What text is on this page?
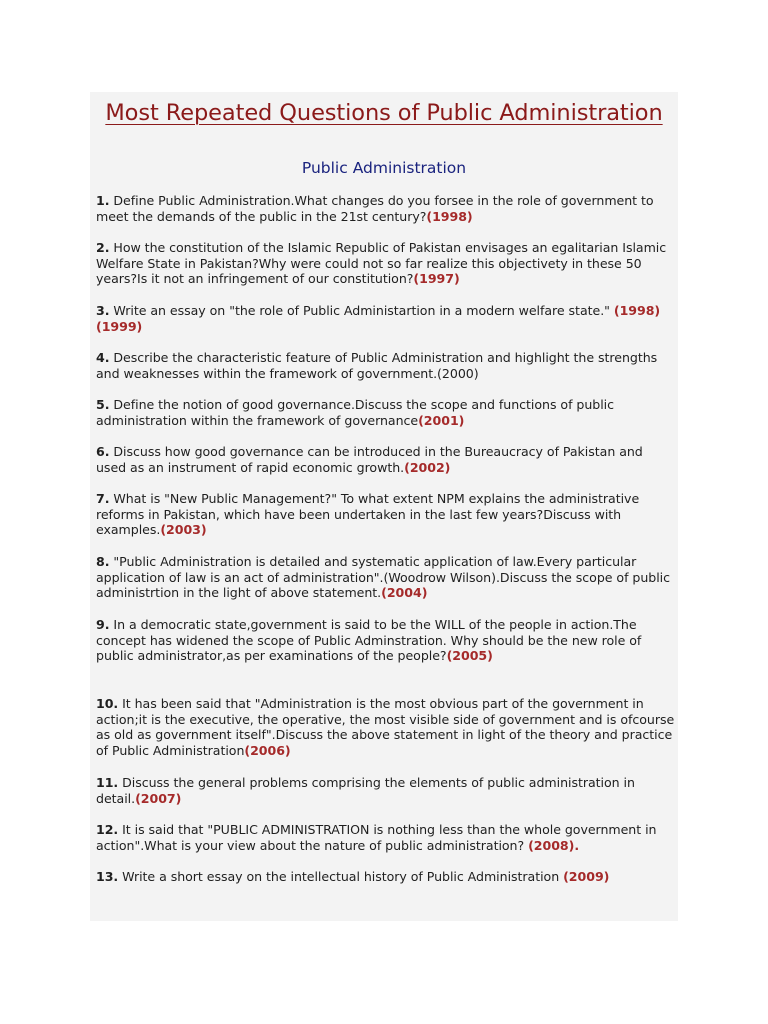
Most Repeated Questions of Public Administration
Public Administration

1. Define Public Administration.What changes do you forsee in the role of government to meet the demands of the public in the 21st century?(1998)

2. How the constitution of the Islamic Republic of Pakistan envisages an egalitarian Islamic Welfare State in Pakistan?Why were could not so far realize this objectivety in these 50 years?Is it not an infringement of our constitution?(1997)

3. Write an essay on "the role of Public Administartion in a modern welfare state." (1998) (1999)

4. Describe the characteristic feature of Public Administration and highlight the strengths and weaknesses within the framework of government.(2000)

5. Define the notion of good governance.Discuss the scope and functions of public administration within the framework of governance(2001)

6. Discuss how good governance can be introduced in the Bureaucracy of Pakistan and used as an instrument of rapid economic growth.(2002)

7. What is "New Public Management?" To what extent NPM explains the administrative reforms in Pakistan, which have been undertaken in the last few years?Discuss with examples.(2003)

8. "Public Administration is detailed and systematic application of law.Every particular application of law is an act of administration".(Woodrow Wilson).Discuss the scope of public administrtion in the light of above statement.(2004)

9. In a democratic state,government is said to be the WILL of the people in action.The concept has widened the scope of Public Adminstration. Why should be the new role of public administrator,as per examinations of the people?(2005)

10. It has been said that "Administration is the most obvious part of the government in action;it is the executive, the operative, the most visible side of government and is ofcourse as old as government itself".Discuss the above statement in light of the theory and practice of Public Administration(2006)

11. Discuss the general problems comprising the elements of public administration in detail.(2007)

12. It is said that "PUBLIC ADMINISTRATION is nothing less than the whole government in action".What is your view about the nature of public administration? (2008).

13. Write a short essay on the intellectual history of Public Administration (2009)
